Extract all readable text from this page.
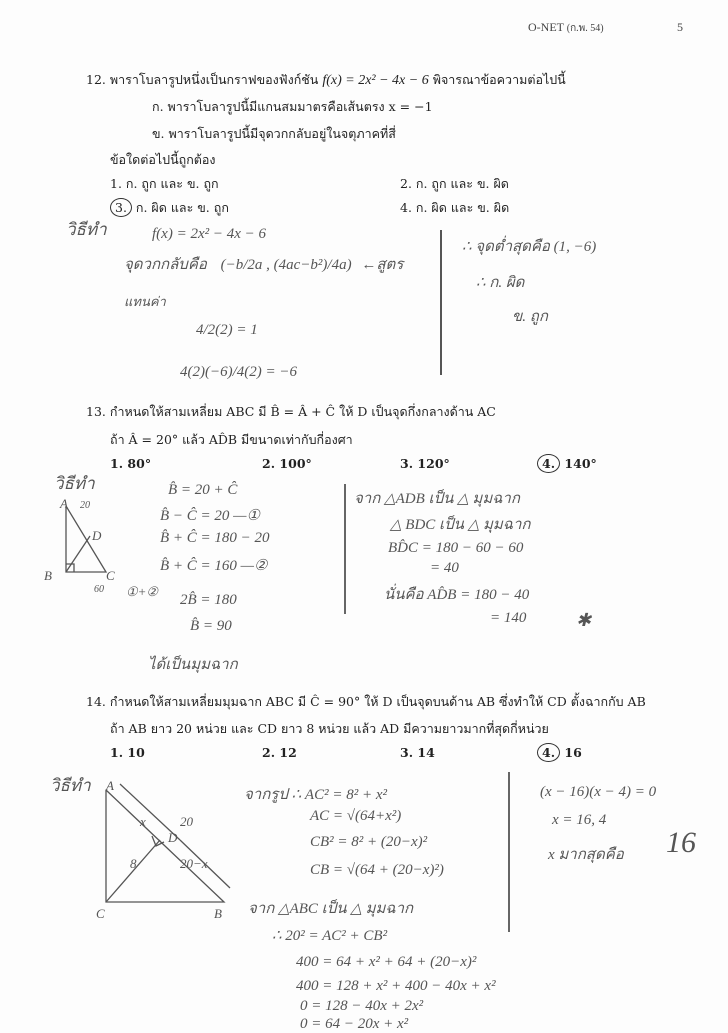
O-NET (ก.พ. 54)	5
12. พาราโบลารูปหนึ่งเป็นกราฟของฟังก์ชัน f(x) = 2x² − 4x − 6 พิจารณาข้อความต่อไปนี้
ก. พาราโบลารูปนี้มีแกนสมมาตรคือเส้นตรง x = −1
ข. พาราโบลารูปนี้มีจุดวกกลับอยู่ในจตุภาคที่สี่
ข้อใดต่อไปนี้ถูกต้อง
1. ก. ถูก และ ข. ถูก	2. ก. ถูก และ ข. ผิด
3. ก. ผิด และ ข. ถูก	4. ก. ผิด และ ข. ผิด
วิธีทำ	f(x) = 2x² − 4x − 6
จุดวกกลับคือ (−b/2a , (4ac−b²)/4a) ←สูตร
แทนค่า
4/2(2) = 1
4(2)(−6)/4(2) = −6
∴ จุดต่ำสุดคือ (1, −6)
∴ ก. ผิด
ข. ถูก
13. กำหนดให้สามเหลี่ยม ABC มี B̂ = Â + Ĉ ให้ D เป็นจุดกึ่งกลางด้าน AC
ถ้า Â = 20° แล้ว AD̂B มีขนาดเท่ากับกี่องศา
1. 80°	2. 100°	3. 120°	4. 140°
วิธีทำ
A 20
D
B	C
60
B̂ = 20 + Ĉ
B̂ − Ĉ = 20 —①
B̂ + Ĉ = 180 − 20
B̂ + Ĉ = 160 —②
①+②
2B̂ = 180
B̂ = 90
ได้เป็นมุมฉาก
จาก △ADB เป็น △ มุมฉาก
△ BDC เป็น △ มุมฉาก
BD̂C = 180 − 60 − 60
= 40
นั่นคือ AD̂B = 180 − 40
= 140	✱
14. กำหนดให้สามเหลี่ยมมุมฉาก ABC มี Ĉ = 90° ให้ D เป็นจุดบนด้าน AB ซึ่งทำให้ CD ตั้งฉากกับ AB
ถ้า AB ยาว 20 หน่วย และ CD ยาว 8 หน่วย แล้ว AD มีความยาวมากที่สุดกี่หน่วย
1. 10	2. 12	3. 14	4. 16
วิธีทำ A
x	20
D
8	20−x
C	B
จากรูป ∴ AC² = 8² + x²
AC = √(64+x²)
CB² = 8² + (20−x)²
CB = √(64 + (20−x)²)
จาก △ABC เป็น △ มุมฉาก
∴ 20² = AC² + CB²
400 = 64 + x² + 64 + (20−x)²
400 = 128 + x² + 400 − 40x + x²
0 = 128 − 40x + 2x²
0 = 64 − 20x + x²
(x − 16)(x − 4) = 0
x = 16, 4
x มากสุดคือ 16
